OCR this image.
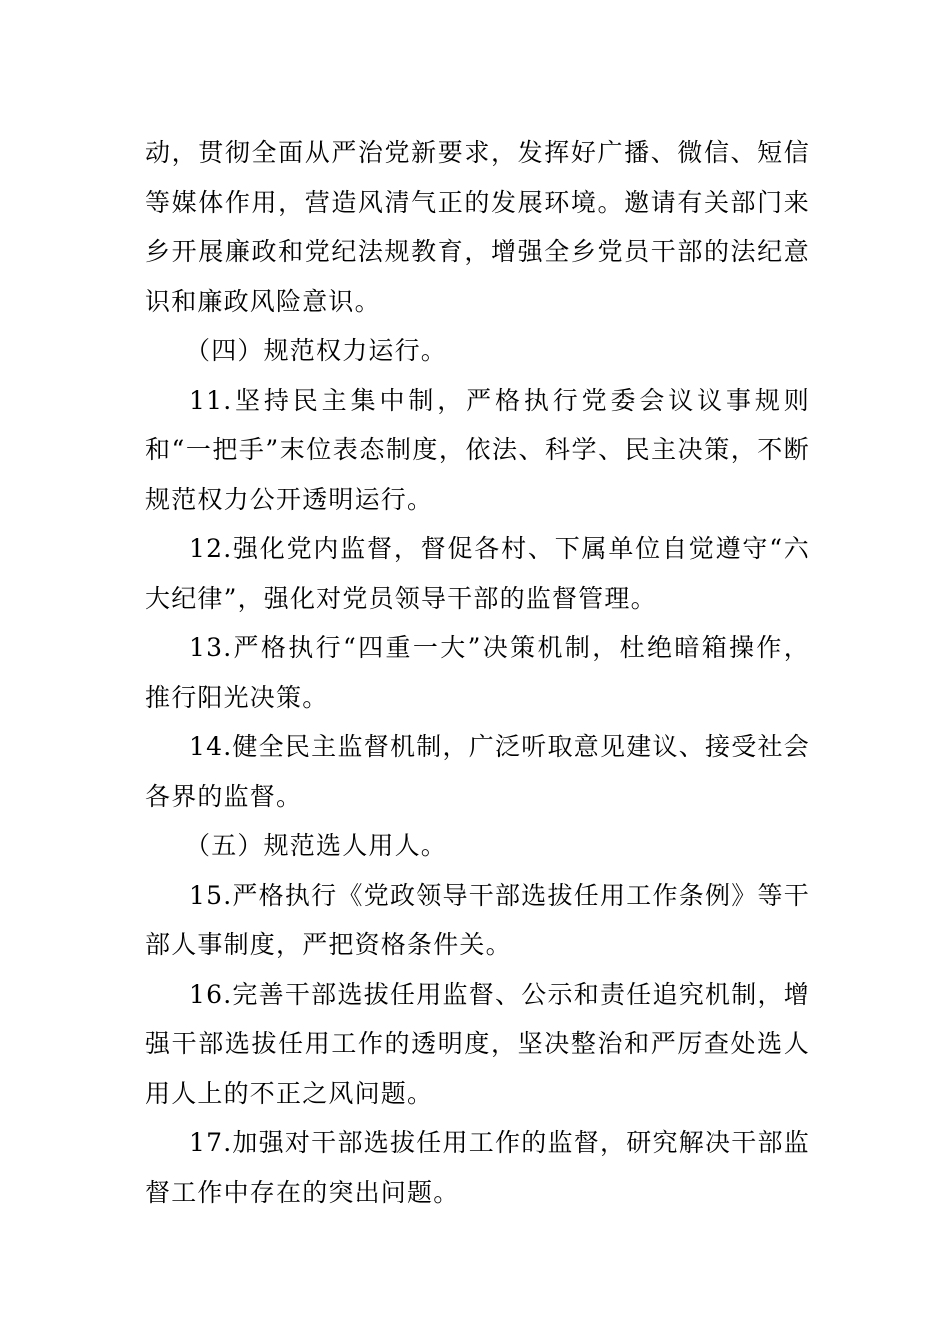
动，贯彻全面从严治党新要求，发挥好广播、微信、短信等媒体作用，营造风清气正的发展环境。邀请有关部门来乡开展廉政和党纪法规教育，增强全乡党员干部的法纪意识和廉政风险意识。

（四）规范权力运行。

11.坚持民主集中制，严格执行党委会议议事规则和“一把手”末位表态制度，依法、科学、民主决策，不断规范权力公开透明运行。

12.强化党内监督，督促各村、下属单位自觉遵守“六大纪律”，强化对党员领导干部的监督管理。

13.严格执行“四重一大”决策机制，杜绝暗箱操作，推行阳光决策。

14.健全民主监督机制，广泛听取意见建议、接受社会各界的监督。

（五）规范选人用人。

15.严格执行《党政领导干部选拔任用工作条例》等干部人事制度，严把资格条件关。

16.完善干部选拔任用监督、公示和责任追究机制，增强干部选拔任用工作的透明度，坚决整治和严厉查处选人用人上的不正之风问题。

17.加强对干部选拔任用工作的监督，研究解决干部监督工作中存在的突出问题。
